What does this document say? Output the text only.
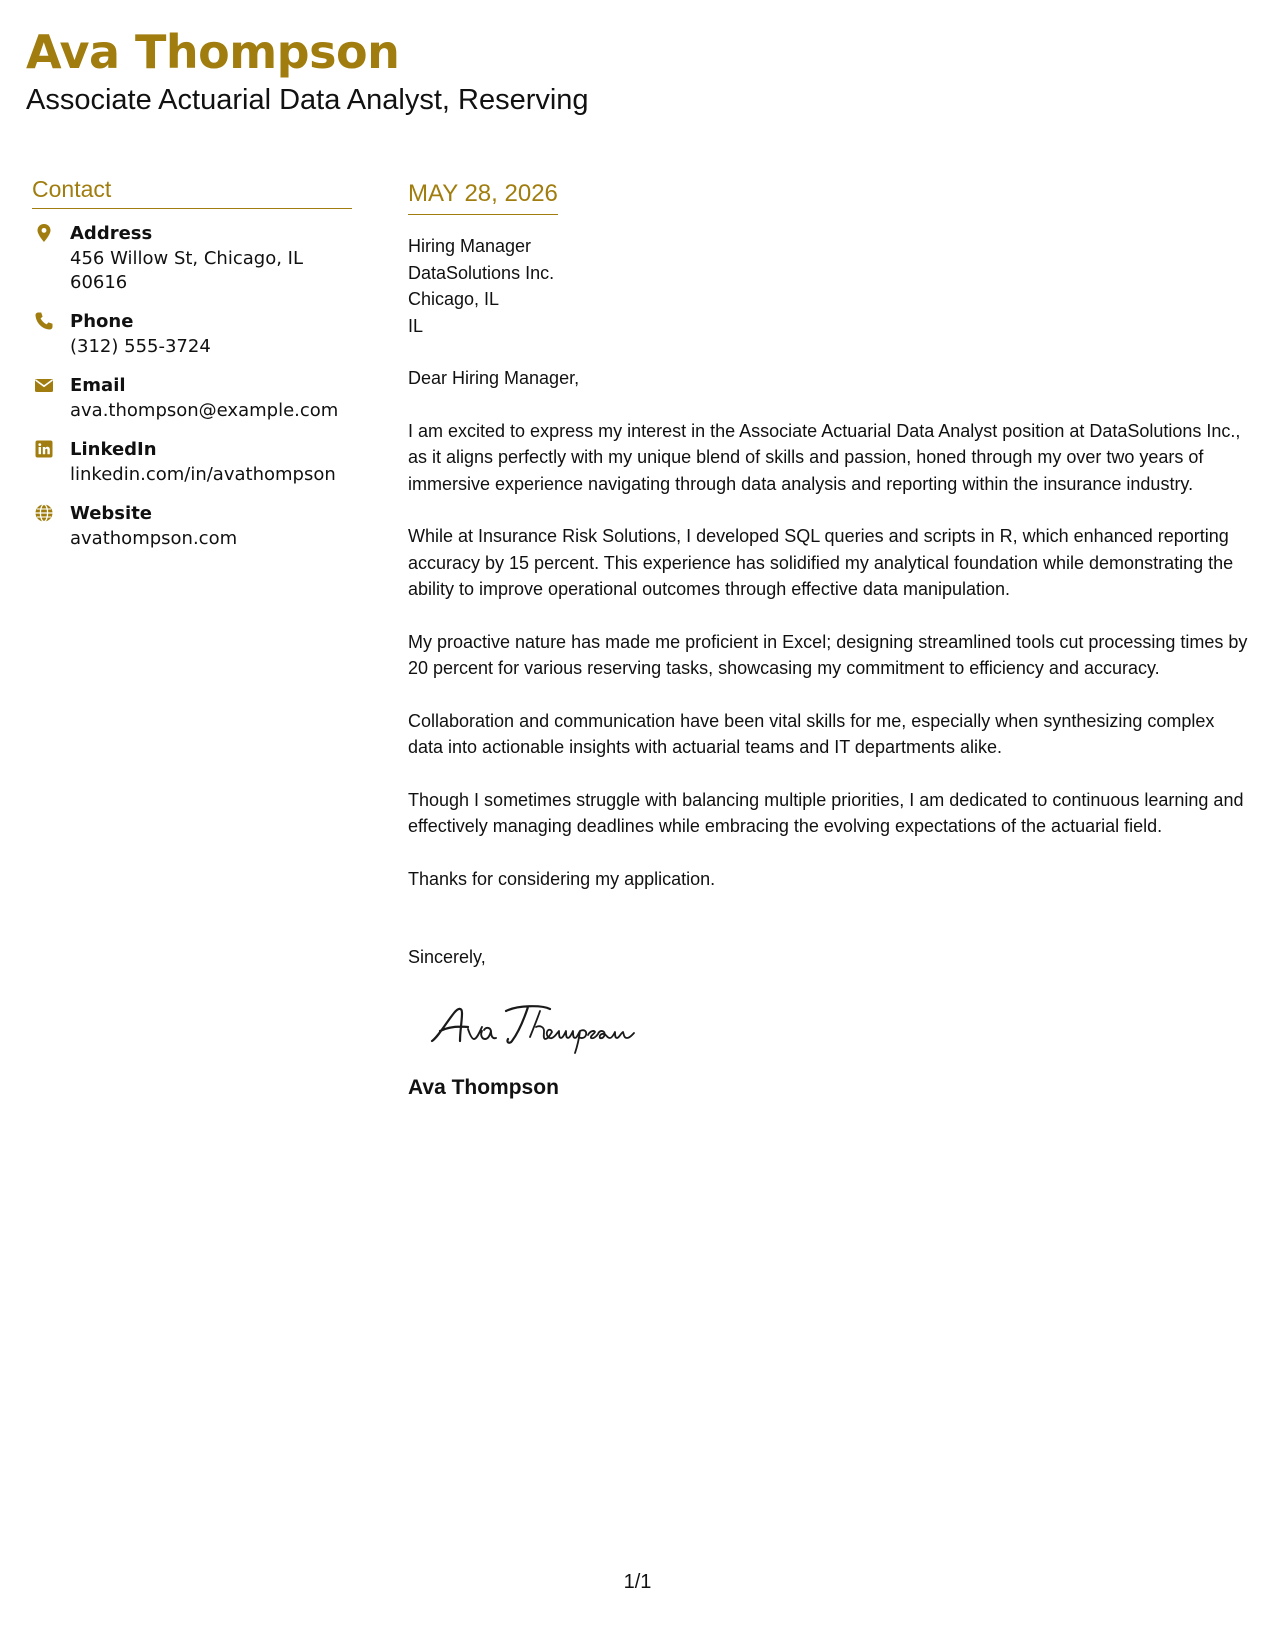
Ava Thompson
Associate Actuarial Data Analyst, Reserving
Contact
Address
456 Willow St, Chicago, IL 60616
Phone
(312) 555-3724
Email
ava.thompson@example.com
LinkedIn
linkedin.com/in/avathompson
Website
avathompson.com
MAY 28, 2026
Hiring Manager
DataSolutions Inc.
Chicago, IL
IL
Dear Hiring Manager,
I am excited to express my interest in the Associate Actuarial Data Analyst position at DataSolutions Inc., as it aligns perfectly with my unique blend of skills and passion, honed through my over two years of immersive experience navigating through data analysis and reporting within the insurance industry.
While at Insurance Risk Solutions, I developed SQL queries and scripts in R, which enhanced reporting accuracy by 15 percent. This experience has solidified my analytical foundation while demonstrating the ability to improve operational outcomes through effective data manipulation.
My proactive nature has made me proficient in Excel; designing streamlined tools cut processing times by 20 percent for various reserving tasks, showcasing my commitment to efficiency and accuracy.
Collaboration and communication have been vital skills for me, especially when synthesizing complex data into actionable insights with actuarial teams and IT departments alike.
Though I sometimes struggle with balancing multiple priorities, I am dedicated to continuous learning and effectively managing deadlines while embracing the evolving expectations of the actuarial field.
Thanks for considering my application.
Sincerely,
Ava Thompson
1/1
